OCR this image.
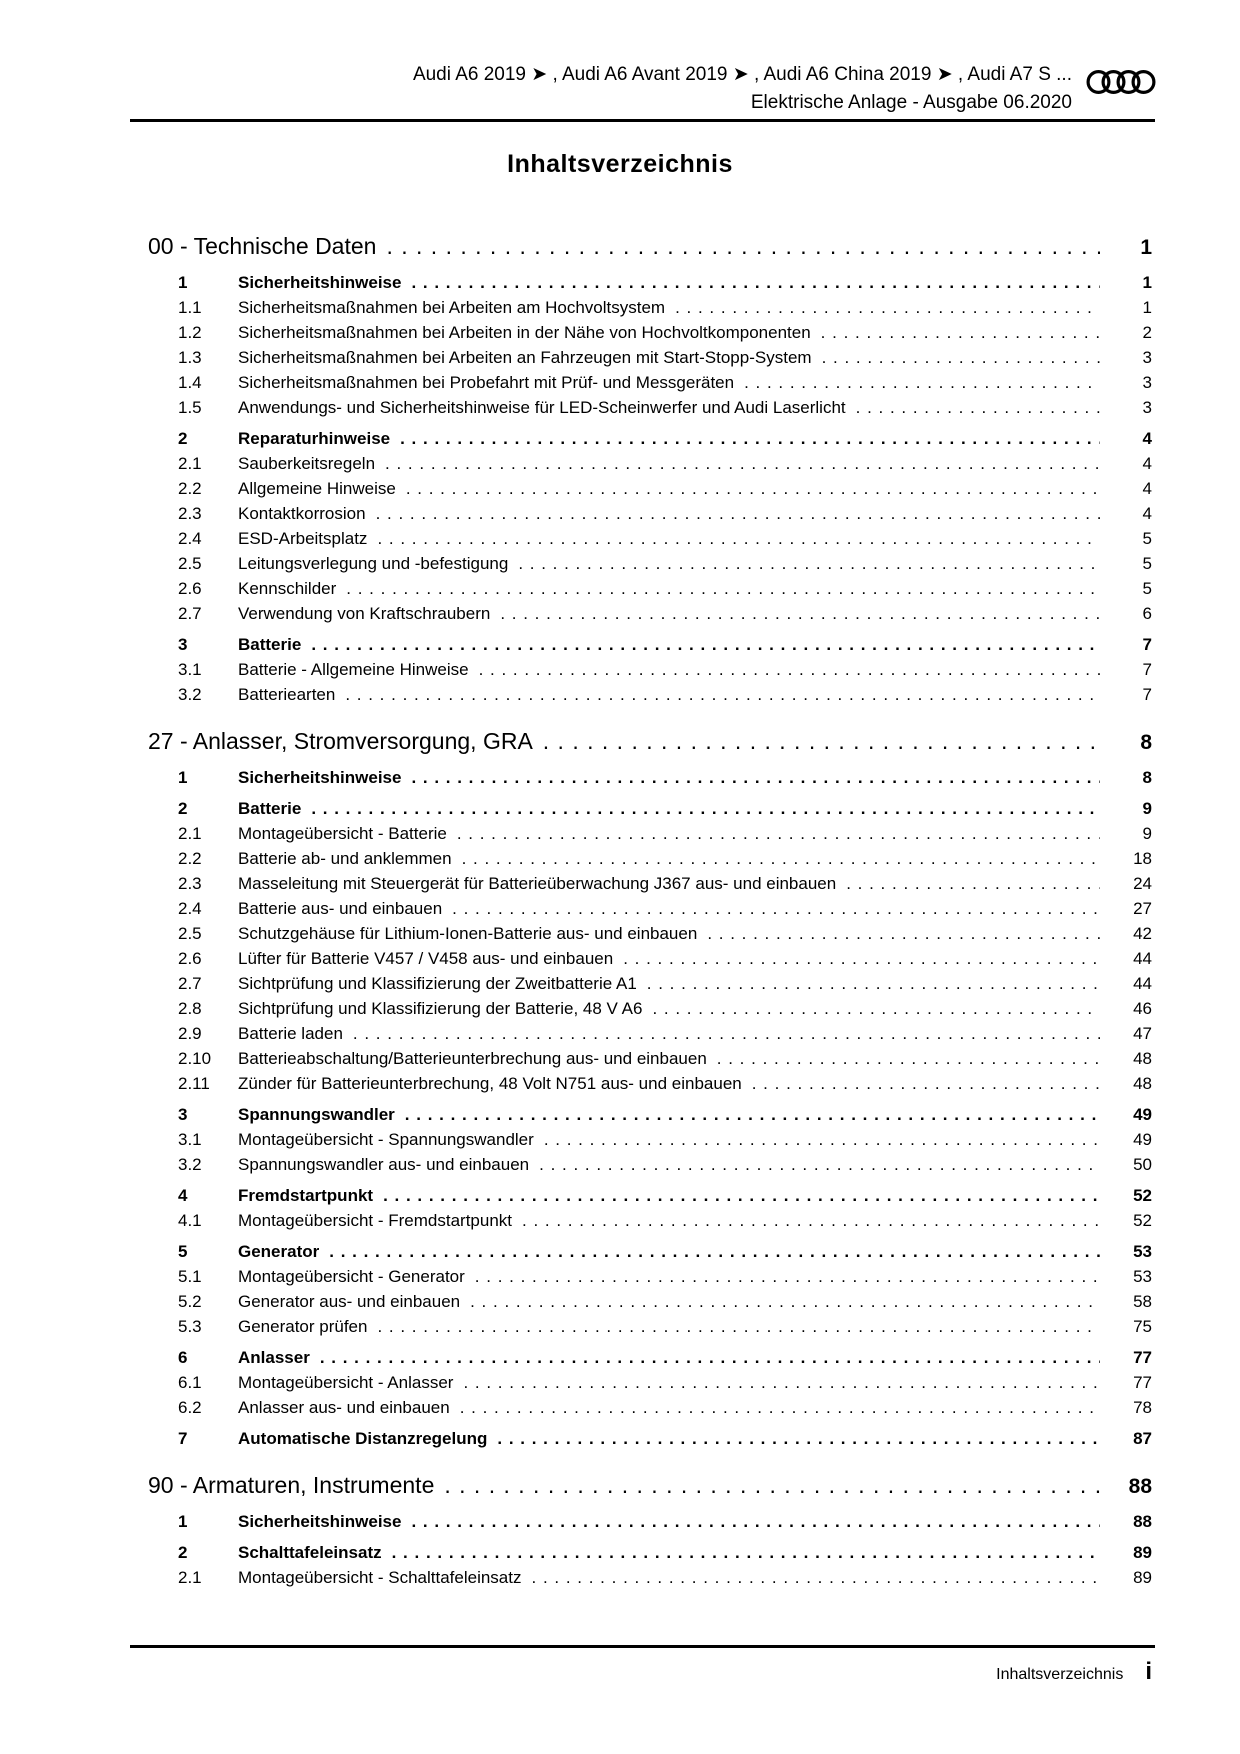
Audi A6 2019 ➤ , Audi A6 Avant 2019 ➤ , Audi A6 China 2019 ➤ , Audi A7 S ...
Elektrische Anlage - Ausgabe 06.2020
Inhaltsverzeichnis
00 - Technische Daten . . .	1
1	Sicherheitshinweise . . .	1
1.1	Sicherheitsmaßnahmen bei Arbeiten am Hochvoltsystem . . .	1
1.2	Sicherheitsmaßnahmen bei Arbeiten in der Nähe von Hochvoltkomponenten . . .	2
1.3	Sicherheitsmaßnahmen bei Arbeiten an Fahrzeugen mit Start-Stopp-System . . .	3
1.4	Sicherheitsmaßnahmen bei Probefahrt mit Prüf- und Messgeräten . . .	3
1.5	Anwendungs- und Sicherheitshinweise für LED-Scheinwerfer und Audi Laserlicht . . .	3
2	Reparaturhinweise . . .	4
2.1	Sauberkeitsregeln . . .	4
2.2	Allgemeine Hinweise . . .	4
2.3	Kontaktkorrosion . . .	4
2.4	ESD-Arbeitsplatz . . .	5
2.5	Leitungsverlegung und -befestigung . . .	5
2.6	Kennschilder . . .	5
2.7	Verwendung von Kraftschraubern . . .	6
3	Batterie . . .	7
3.1	Batterie - Allgemeine Hinweise . . .	7
3.2	Batteriearten . . .	7
27 - Anlasser, Stromversorgung, GRA . . .	8
1	Sicherheitshinweise . . .	8
2	Batterie . . .	9
2.1	Montageübersicht - Batterie . . .	9
2.2	Batterie ab- und anklemmen . . .	18
2.3	Masseleitung mit Steuergerät für Batterieüberwachung J367 aus- und einbauen . . .	24
2.4	Batterie aus- und einbauen . . .	27
2.5	Schutzgehäuse für Lithium-Ionen-Batterie aus- und einbauen . . .	42
2.6	Lüfter für Batterie V457 / V458 aus- und einbauen . . .	44
2.7	Sichtprüfung und Klassifizierung der Zweitbatterie A1 . . .	44
2.8	Sichtprüfung und Klassifizierung der Batterie, 48 V A6 . . .	46
2.9	Batterie laden . . .	47
2.10	Batterieabschaltung/Batterieunterbrechung aus- und einbauen . . .	48
2.11	Zünder für Batterieunterbrechung, 48 Volt N751 aus- und einbauen . . .	48
3	Spannungswandler . . .	49
3.1	Montageübersicht - Spannungswandler . . .	49
3.2	Spannungswandler aus- und einbauen . . .	50
4	Fremdstartpunkt . . .	52
4.1	Montageübersicht - Fremdstartpunkt . . .	52
5	Generator . . .	53
5.1	Montageübersicht - Generator . . .	53
5.2	Generator aus- und einbauen . . .	58
5.3	Generator prüfen . . .	75
6	Anlasser . . .	77
6.1	Montageübersicht - Anlasser . . .	77
6.2	Anlasser aus- und einbauen . . .	78
7	Automatische Distanzregelung . . .	87
90 - Armaturen, Instrumente . . .	88
1	Sicherheitshinweise . . .	88
2	Schalttafeleinsatz . . .	89
2.1	Montageübersicht - Schalttafeleinsatz . . .	89
Inhaltsverzeichnis i
